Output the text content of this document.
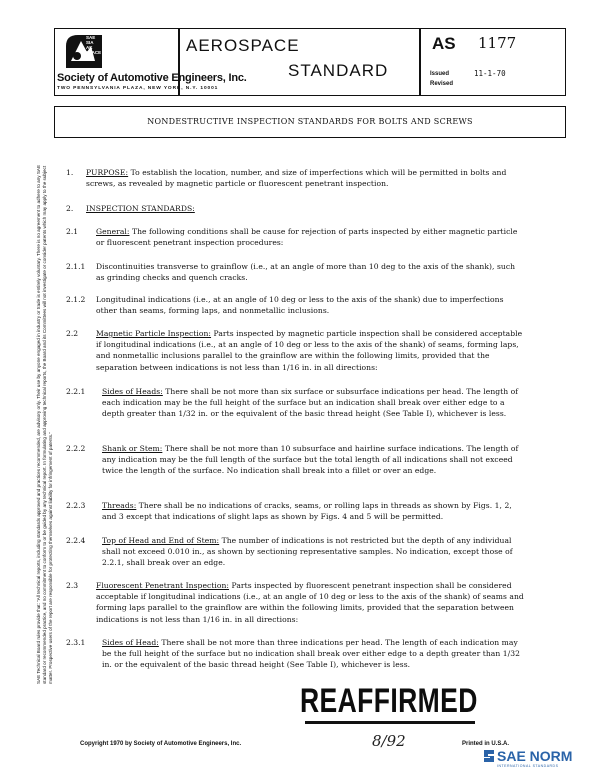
SAE Technical Board rules provide that: "All technical reports, including standards approved and practices recommended, are advisory only. Their use by anyone engaged in industry or trade is entirely voluntary. There is no agreement to adhere to any SAE standard or recommended practice, and no commitment to conform to or be guided by any technical report. In formulating and approving technical reports, the Board and its Committees will not investigate or consider patents which may apply to the subject matter. Prospective users of the report are responsible for protecting themselves against liability for infringement of patents."
SAE
SIA
AK
SPACE
Society of Automotive Engineers, Inc.
TWO PENNSYLVANIA PLAZA, NEW YORK, N.Y. 10001
AEROSPACE
STANDARD
AS 1177
Issued	11-1-70
Revised
NONDESTRUCTIVE INSPECTION STANDARDS FOR BOLTS AND SCREWS
1. PURPOSE: To establish the location, number, and size of imperfections which will be permitted in bolts and screws, as revealed by magnetic particle or fluorescent penetrant inspection.
2. INSPECTION STANDARDS:
2.1 General: The following conditions shall be cause for rejection of parts inspected by either magnetic particle or fluorescent penetrant inspection procedures:
2.1.1 Discontinuities transverse to grainflow (i.e., at an angle of more than 10 deg to the axis of the shank), such as grinding checks and quench cracks.
2.1.2 Longitudinal indications (i.e., at an angle of 10 deg or less to the axis of the shank) due to imperfections other than seams, forming laps, and nonmetallic inclusions.
2.2 Magnetic Particle Inspection: Parts inspected by magnetic particle inspection shall be considered acceptable if longitudinal indications (i.e., at an angle of 10 deg or less to the axis of the shank) of seams, forming laps, and nonmetallic inclusions parallel to the grainflow are within the following limits, provided that the separation between indications is not less than 1/16 in. in all directions:
2.2.1 Sides of Heads: There shall be not more than six surface or subsurface indications per head. The length of each indication may be the full height of the surface but an indication shall break over either edge to a depth greater than 1/32 in. or the equivalent of the basic thread height (See Table I), whichever is less.
2.2.2 Shank or Stem: There shall be not more than 10 subsurface and hairline surface indications. The length of any indication may be the full length of the surface but the total length of all indications shall not exceed twice the length of the surface. No indication shall break into a fillet or over an edge.
2.2.3 Threads: There shall be no indications of cracks, seams, or rolling laps in threads as shown by Figs. 1, 2, and 3 except that indications of slight laps as shown by Figs. 4 and 5 will be permitted.
2.2.4 Top of Head and End of Stem: The number of indications is not restricted but the depth of any individual shall not exceed 0.010 in., as shown by sectioning representative samples. No indication, except those of 2.2.1, shall break over an edge.
2.3 Fluorescent Penetrant Inspection: Parts inspected by fluorescent penetrant inspection shall be considered acceptable if longitudinal indications (i.e., at an angle of 10 deg or less to the axis of the shank) of seams and forming laps parallel to the grainflow are within the following limits, provided that the separation between indications is not less than 1/16 in. in all directions:
2.3.1 Sides of Head: There shall be not more than three indications per head. The length of each indication may be the full height of the surface but no indication shall break over either edge to a depth greater than 1/32 in. or the equivalent of the basic thread height (See Table I), whichever is less.
REAFFIRMED
8/92
Copyright 1970 by Society of Automotive Engineers, Inc.	Printed in U.S.A.
SAE NORM
INTERNATIONAL STANDARDS
